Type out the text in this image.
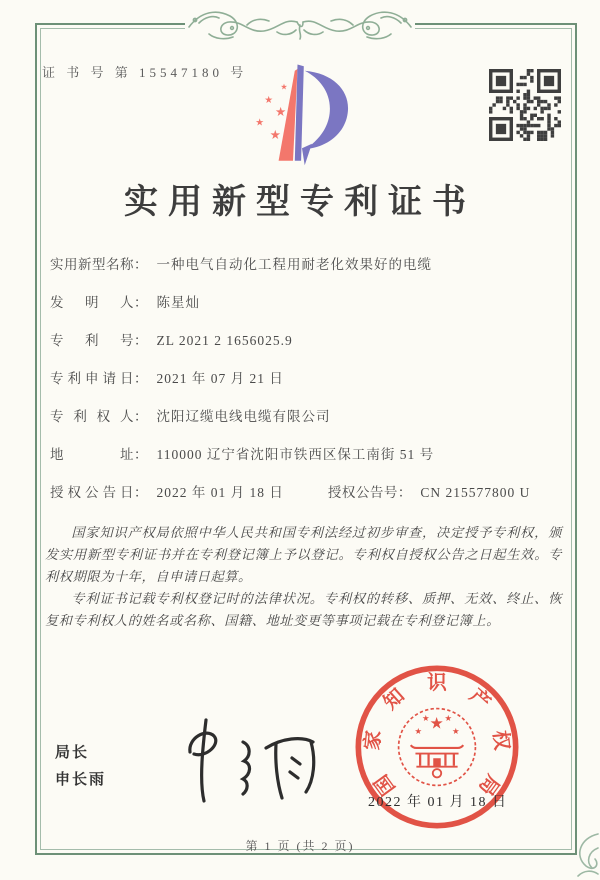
证 书 号 第 15547180 号
★
★
★
★
★
实用新型专利证书
实用新型名称： 一种电气自动化工程用耐老化效果好的电缆
发明人： 陈星灿
专利号： ZL 2021 2 1656025.9
专利申请日： 2021 年 07 月 21 日
专利权人： 沈阳辽缆电线电缆有限公司
地址： 110000 辽宁省沈阳市铁西区保工南街 51 号
授权公告日： 2022 年 01 月 18 日	授权公告号： CN 215577800 U

国家知识产权局依照中华人民共和国专利法经过初步审查，决定授予专利权，颁发实用新型专利证书并在专利登记簿上予以登记。专利权自授权公告之日起生效。专利权期限为十年，自申请日起算。

专利证书记载专利权登记时的法律状况。专利权的转移、质押、无效、终止、恢复和专利权人的姓名或名称、国籍、地址变更等事项记载在专利登记簿上。

局长
申长雨	国
家
知
识
产
权
局
★
★ ★
★	★
2022 年 01 月 18 日
第 1 页 (共 2 页)
